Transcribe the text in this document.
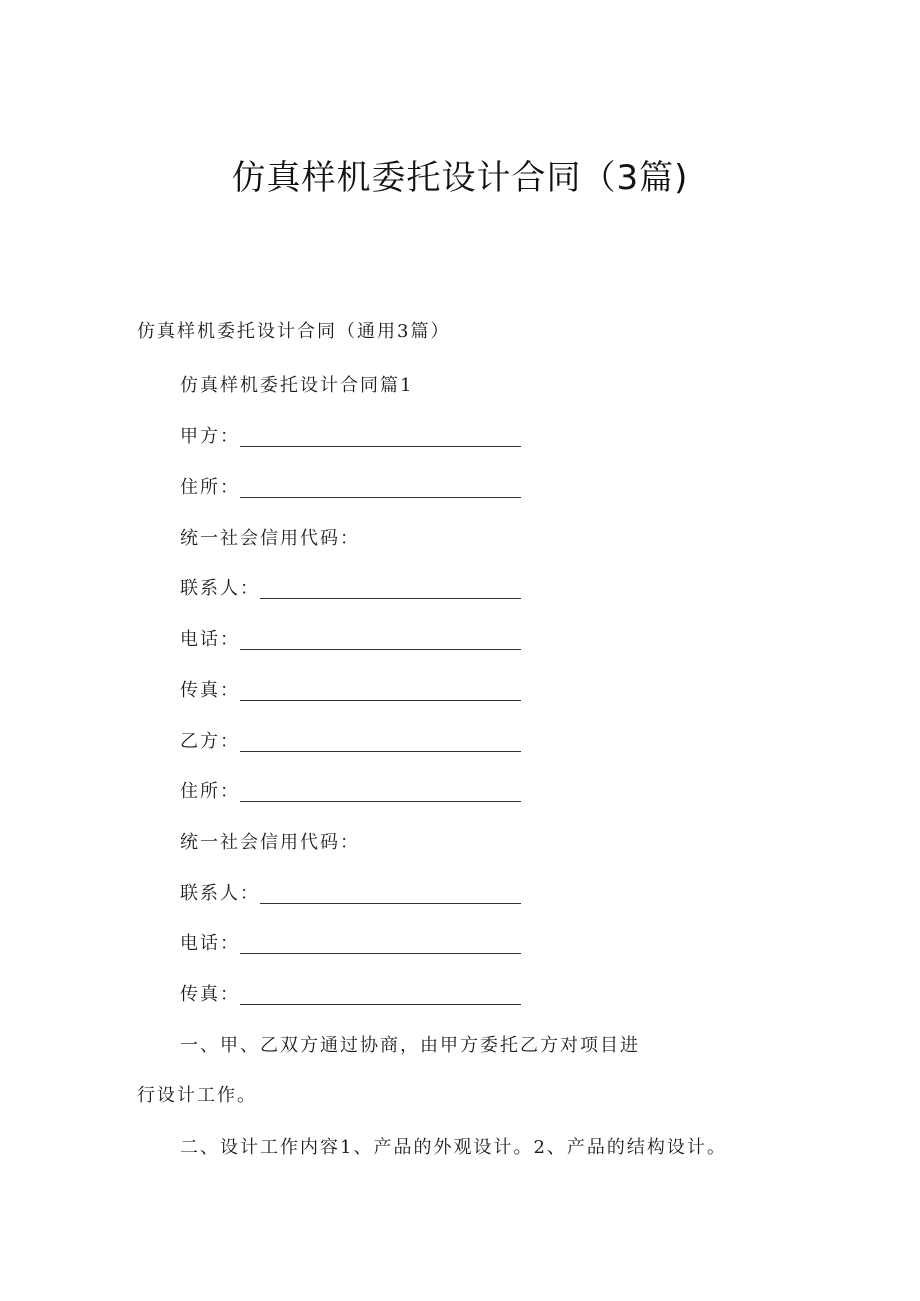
仿真样机委托设计合同（3篇)
仿真样机委托设计合同（通用3篇）
仿真样机委托设计合同篇1
甲方：
住所：
统一社会信用代码：
联系人：
电话：
传真：
乙方：
住所：
统一社会信用代码：
联系人：
电话：
传真：
一、甲、乙双方通过协商，由甲方委托乙方对项目进
行设计工作。
二、设计工作内容1、产品的外观设计。2、产品的结构设计。
